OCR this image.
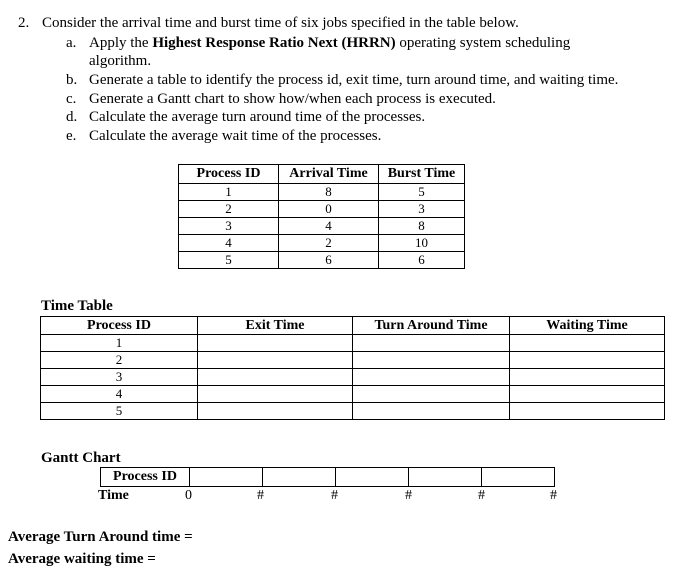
2. Consider the arrival time and burst time of six jobs specified in the table below.
a. Apply the Highest Response Ratio Next (HRRN) operating system scheduling
algorithm.
b. Generate a table to identify the process id, exit time, turn around time, and waiting time.
c. Generate a Gantt chart to show how/when each process is executed.
d. Calculate the average turn around time of the processes.
e. Calculate the average wait time of the processes.
Process ID	Arrival Time	Burst Time
1	8	5
2	0	3
3	4	8
4	2	10
5	6	6
Time Table
Process ID	Exit Time	Turn Around Time	Waiting Time
1			
2			
3			
4			
5			
Gantt Chart
Process ID
Time	0	#	#	#	#	#
Average Turn Around time =
Average waiting time =
